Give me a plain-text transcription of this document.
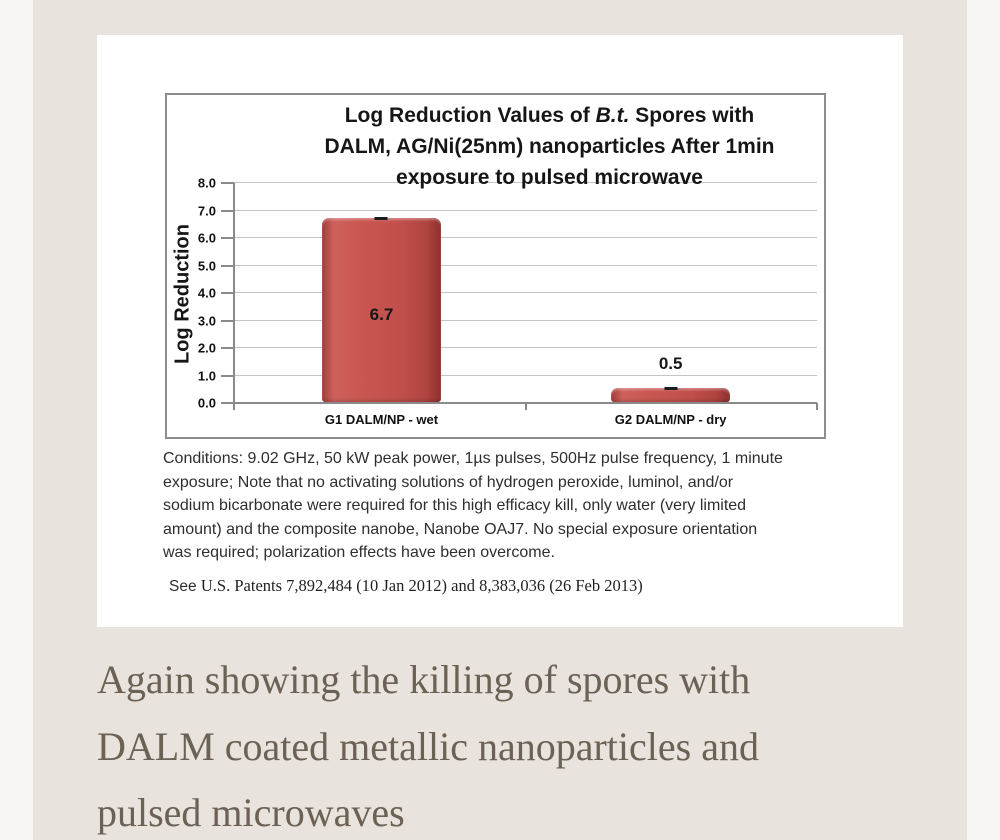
Log Reduction Values of B.t. Spores with
DALM, AG/Ni(25nm) nanoparticles After 1min
exposure to pulsed microwave
Log Reduction
8.0
7.0
6.0
5.0
4.0
3.0
2.0
1.0
0.0
6.7
G1 DALM/NP - wet
0.5
G2 DALM/NP - dry
Conditions: 9.02 GHz, 50 kW peak power, 1µs pulses, 500Hz pulse frequency, 1 minute
exposure; Note that no activating solutions of hydrogen peroxide, luminol, and/or
sodium bicarbonate were required for this high efficacy kill, only water (very limited
amount) and the composite nanobe, Nanobe OAJ7. No special exposure orientation
was required; polarization effects have been overcome.
See U.S. Patents 7,892,484 (10 Jan 2012) and 8,383,036 (26 Feb 2013)
Again showing the killing of spores with
DALM coated metallic nanoparticles and
pulsed microwaves
